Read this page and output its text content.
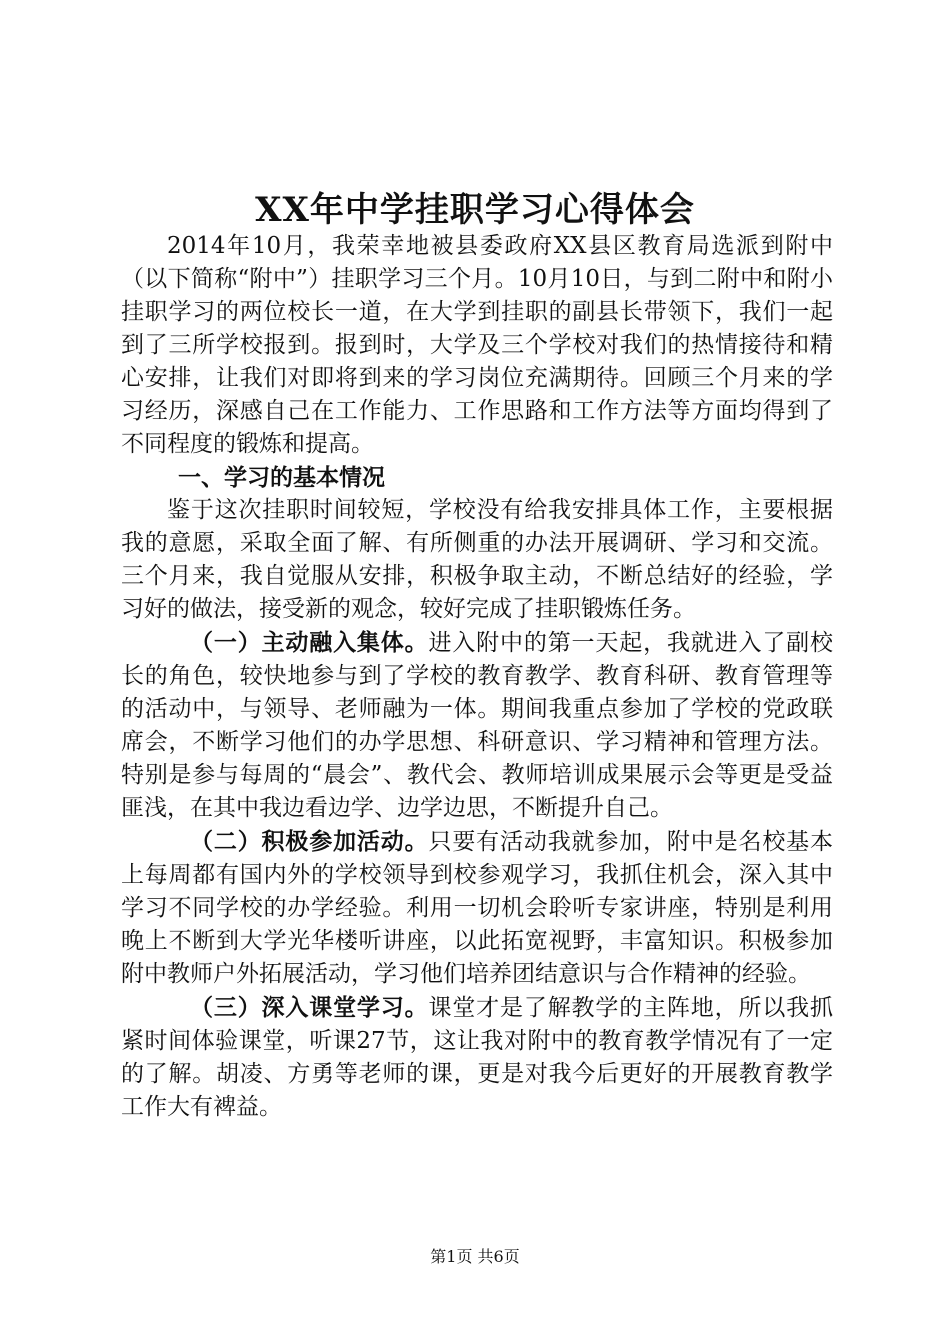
XX年中学挂职学习心得体会

2014年10月，我荣幸地被县委政府XX县区教育局选派到附中（以下简称“附中”）挂职学习三个月。10月10日，与到二附中和附小挂职学习的两位校长一道，在大学到挂职的副县长带领下，我们一起到了三所学校报到。报到时，大学及三个学校对我们的热情接待和精心安排，让我们对即将到来的学习岗位充满期待。回顾三个月来的学习经历，深感自己在工作能力、工作思路和工作方法等方面均得到了不同程度的锻炼和提高。

一、学习的基本情况

鉴于这次挂职时间较短，学校没有给我安排具体工作，主要根据我的意愿，采取全面了解、有所侧重的办法开展调研、学习和交流。三个月来，我自觉服从安排，积极争取主动，不断总结好的经验，学习好的做法，接受新的观念，较好完成了挂职锻炼任务。

（一）主动融入集体。进入附中的第一天起，我就进入了副校长的角色，较快地参与到了学校的教育教学、教育科研、教育管理等的活动中，与领导、老师融为一体。期间我重点参加了学校的党政联席会，不断学习他们的办学思想、科研意识、学习精神和管理方法。特别是参与每周的“晨会”、教代会、教师培训成果展示会等更是受益匪浅，在其中我边看边学、边学边思，不断提升自己。

（二）积极参加活动。只要有活动我就参加，附中是名校基本上每周都有国内外的学校领导到校参观学习，我抓住机会，深入其中学习不同学校的办学经验。利用一切机会聆听专家讲座，特别是利用晚上不断到大学光华楼听讲座，以此拓宽视野，丰富知识。积极参加附中教师户外拓展活动，学习他们培养团结意识与合作精神的经验。

（三）深入课堂学习。课堂才是了解教学的主阵地，所以我抓紧时间体验课堂，听课27节，这让我对附中的教育教学情况有了一定的了解。胡凌、方勇等老师的课，更是对我今后更好的开展教育教学工作大有裨益。

第1页 共6页
